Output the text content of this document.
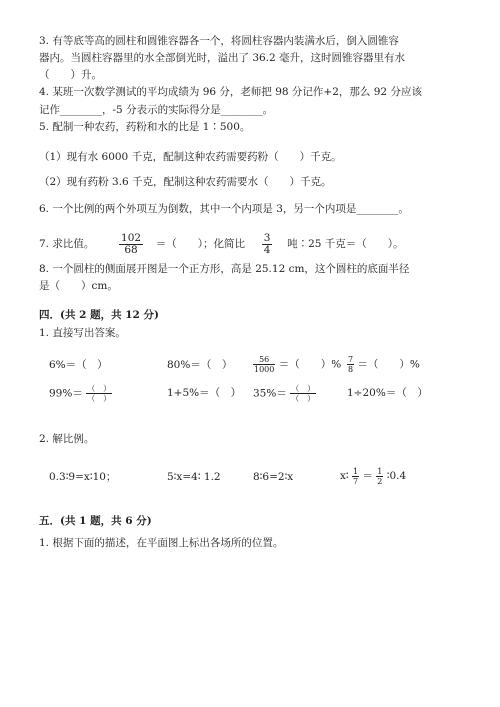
3. 有等底等高的圆柱和圆锥容器各一个，将圆柱容器内装满水后，倒入圆锥容
器内。当圆柱容器里的水全部倒光时，溢出了 36.2 毫升，这时圆锥容器里有水
（　　）升。
4. 某班一次数学测试的平均成绩为 96 分，老师把 98 分记作+2，那么 92 分应该
记作________，-5 分表示的实际得分是________。
5. 配制一种农药，药粉和水的比是 1∶500。
（1）现有水 6000 千克，配制这种农药需要药粉（　　）千克。
（2）现有药粉 3.6 千克，配制这种农药需要水（　　）千克。
6. 一个比例的两个外项互为倒数，其中一个内项是 3，另一个内项是________。
7. 求比值。 $\frac{102}{68}$ ＝（　　）；化简比 $\frac{3}{4}$ 吨∶25 千克＝（　　）。
8. 一个圆柱的侧面展开图是一个正方形，高是 25.12 cm，这个圆柱的底面半径
是（　　）cm。
四．(共 2 题，共 12 分)
1. 直接写出答案。
6%＝（　）	80%＝（　）	$\frac{56}{1000}$ ＝（　　）% $\frac{7}{8}$ ＝（　　）%
$99\%= \frac{( )}{( )}$	1+5%＝（　） $35\%= \frac{( )}{( )}$	1÷20%＝（　）
2. 解比例。
0.3∶9=x∶10；	5∶x=4∶ 1.2	8∶6=2∶x	x∶ $\frac{1}{7} = \frac{1}{2}$ ∶0.4
五．(共 1 题，共 6 分)
1. 根据下面的描述，在平面图上标出各场所的位置。
